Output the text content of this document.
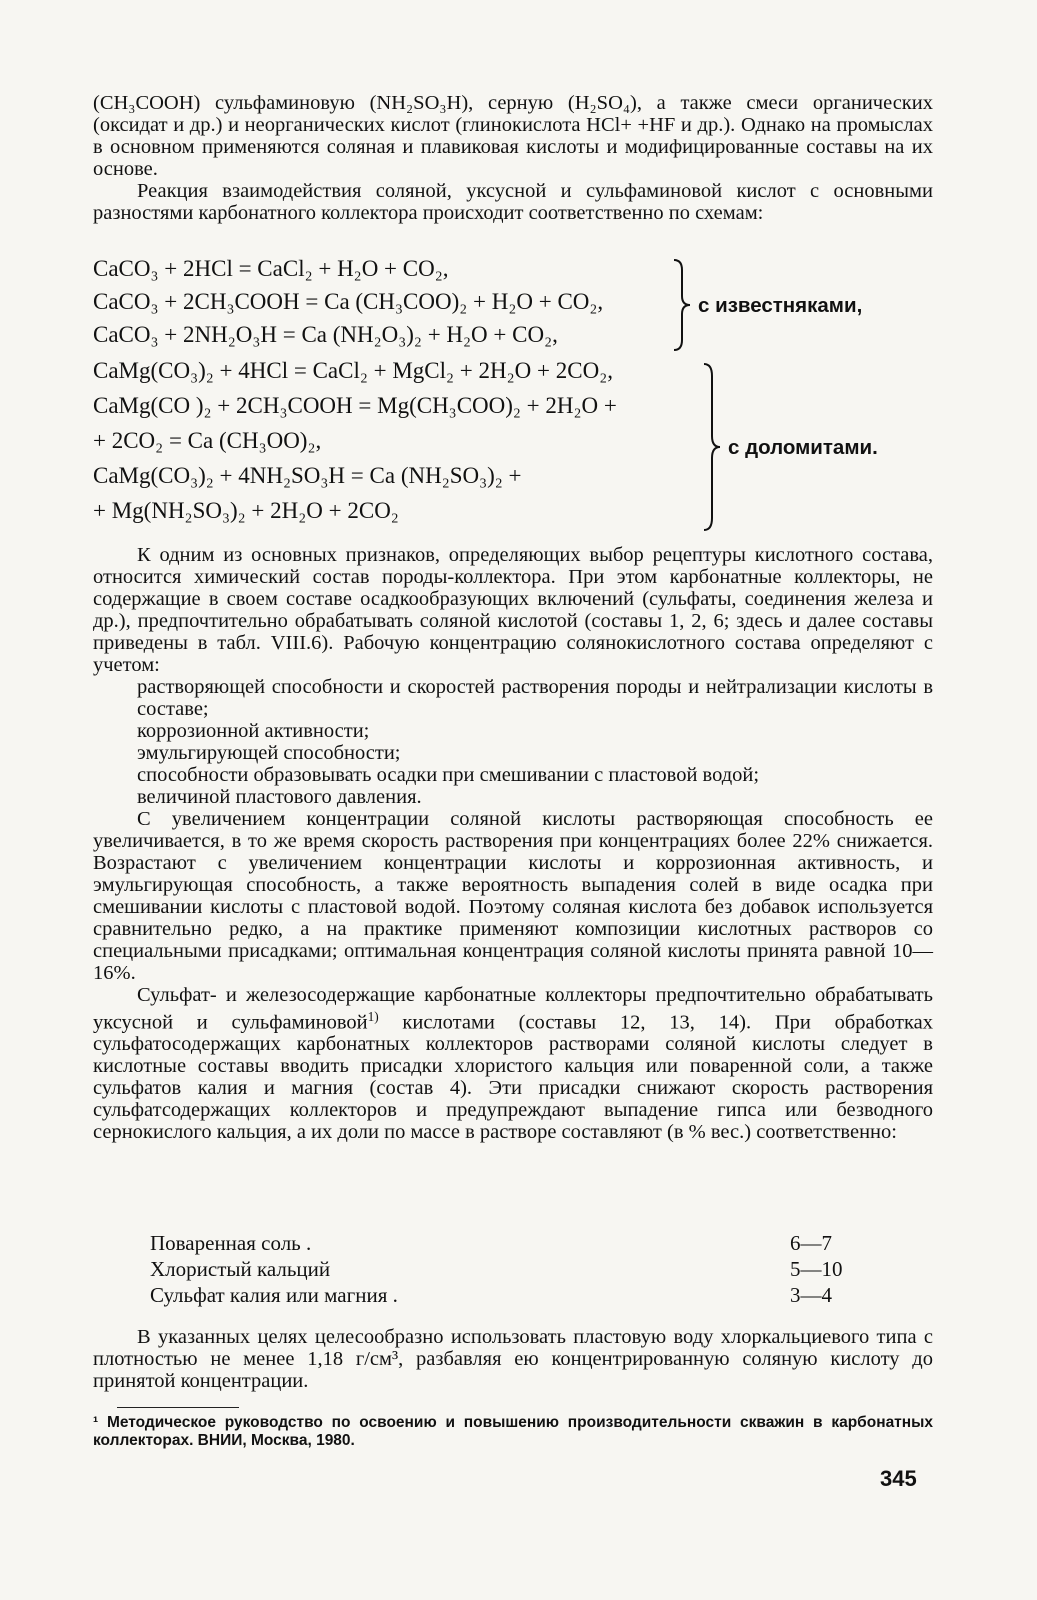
(CH₃COOH) сульфаминовую (NH₂SO₃H), серную (H₂SO₄), а также смеси органических (оксидат и др.) и неорганических кислот (глинокислота HCl+ +HF и др.). Однако на промыслах в основном применяются соляная и плавиковая кислоты и модифицированные составы на их основе.

Реакция взаимодействия соляной, уксусной и сульфаминовой кислот с основными разностями карбонатного коллектора происходит соответственно по схемам:

CaCO₃ + 2HCl = CaCl₂ + H₂O + CO₂,
CaCO₃ + 2CH₃COOH = Ca (CH₃COO)₂ + H₂O + CO₂,
CaCO₃ + 2NH₂O₃H = Ca (NH₂O₃)₂ + H₂O + CO₂,
с известняками,
CaMg(CO₃)₂ + 4HCl = CaCl₂ + MgCl₂ + 2H₂O + 2CO₂,
CaMg(CO )₂ + 2CH₃COOH = Mg(CH₃COO)₂ + 2H₂O +
+ 2CO₂ = Ca (CH₃OO)₂,
CaMg(CO₃)₂ + 4NH₂SO₃H = Ca (NH₂SO₃)₂ +
+ Mg(NH₂SO₃)₂ + 2H₂O + 2CO₂
с доломитами.

К одним из основных признаков, определяющих выбор рецептуры кислотного состава, относится химический состав породы-коллектора. При этом карбонатные коллекторы, не содержащие в своем составе осадкообразующих включений (сульфаты, соединения железа и др.), предпочтительно обрабатывать соляной кислотой (составы 1, 2, 6; здесь и далее составы приведены в табл. VIII.6). Рабочую концентрацию солянокислотного состава определяют с учетом:

растворяющей способности и скоростей растворения породы и нейтрализации кислоты в составе;
коррозионной активности;
эмульгирующей способности;
способности образовывать осадки при смешивании с пластовой водой;
величиной пластового давления.

С увеличением концентрации соляной кислоты растворяющая способность ее увеличивается, в то же время скорость растворения при концентрациях более 22% снижается. Возрастают с увеличением концентрации кислоты и коррозионная активность, и эмульгирующая способность, а также вероятность выпадения солей в виде осадка при смешивании кислоты с пластовой водой. Поэтому соляная кислота без добавок используется сравнительно редко, а на практике применяют композиции кислотных растворов со специальными присадками; оптимальная концентрация соляной кислоты принята равной 10—16%.

Сульфат- и железосодержащие карбонатные коллекторы предпочтительно обрабатывать уксусной и сульфаминовой$^{1)}$ кислотами (составы 12, 13, 14). При обработках сульфатосодержащих карбонатных коллекторов растворами соляной кислоты следует в кислотные составы вводить присадки хлористого кальция или поваренной соли, а также сульфатов калия и магния (состав 4). Эти присадки снижают скорость растворения сульфатсодержащих коллекторов и предупреждают выпадение гипса или безводного сернокислого кальция, а их доли по массе в растворе составляют (в % вес.) соответственно:

Поваренная соль .	6—7
Хлористый кальций	5—10
Сульфат калия или магния .	3—4
В указанных целях целесообразно использовать пластовую воду хлоркальциевого типа с плотностью не менее 1,18 г/см³, разбавляя ею концентрированную соляную кислоту до принятой концентрации.
¹ Методическое руководство по освоению и повышению производительности скважин в карбонатных коллекторах. ВНИИ, Москва, 1980.
345
